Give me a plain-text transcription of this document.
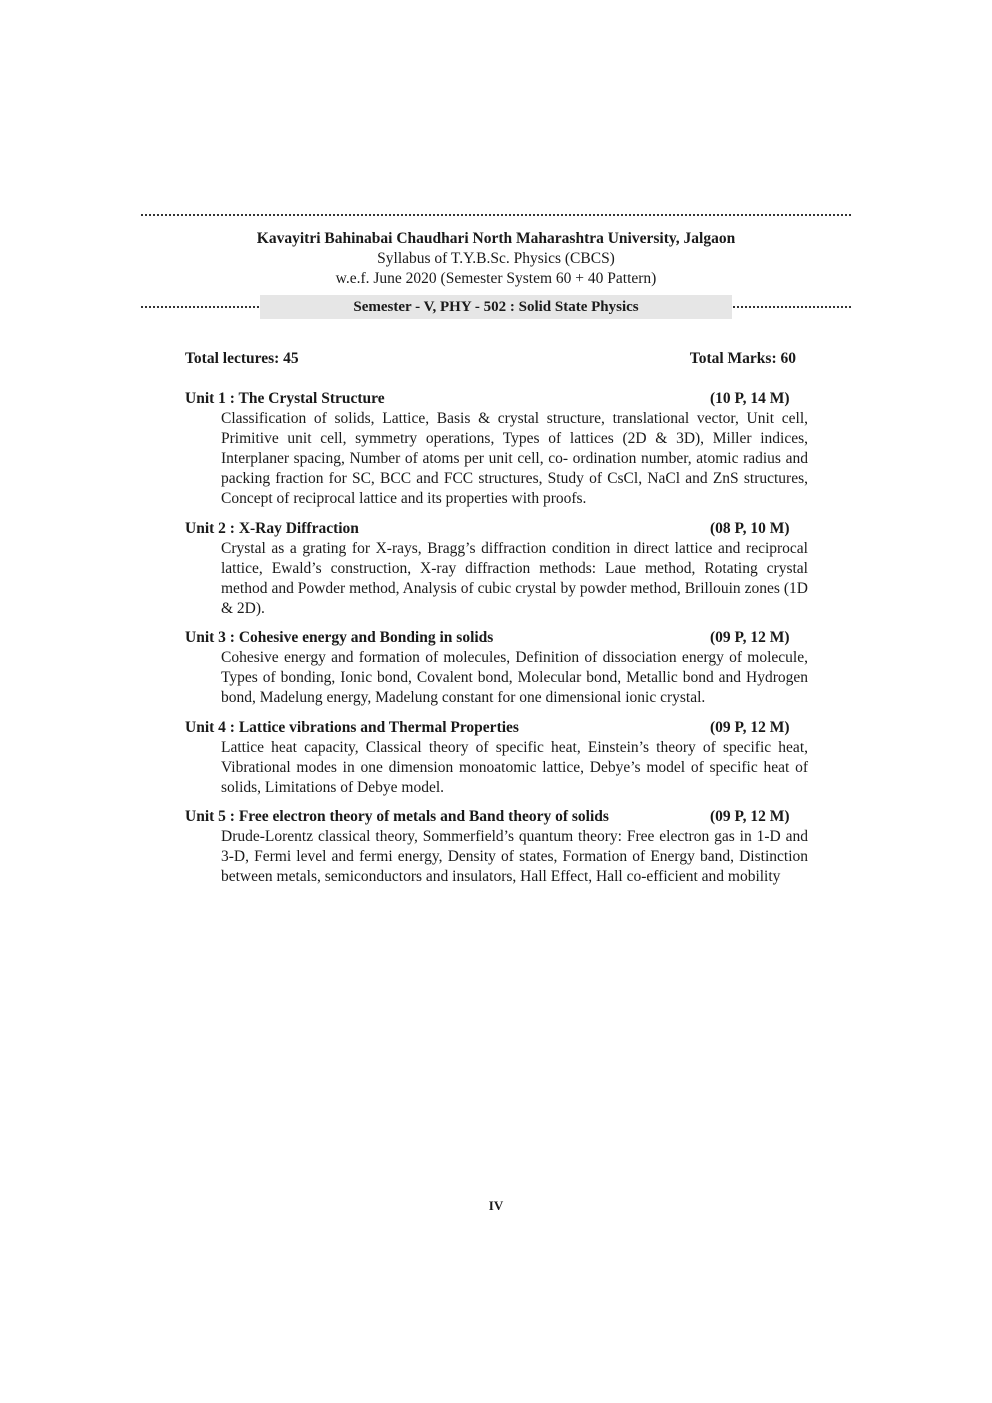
Kavayitri Bahinabai Chaudhari North Maharashtra University, Jalgaon
Syllabus of T.Y.B.Sc. Physics (CBCS)
w.e.f. June 2020 (Semester System 60 + 40 Pattern)
Semester - V, PHY - 502 : Solid State Physics
Total lectures: 45	Total Marks: 60
Unit 1 : The Crystal Structure	(10 P, 14 M)
Classification of solids, Lattice, Basis & crystal structure, translational vector, Unit cell, Primitive unit cell, symmetry operations, Types of lattices (2D & 3D), Miller indices, Interplaner spacing, Number of atoms per unit cell, co- ordination number, atomic radius and packing fraction for SC, BCC and FCC structures, Study of CsCl, NaCl and ZnS structures, Concept of reciprocal lattice and its properties with proofs.
Unit 2 : X-Ray Diffraction	(08 P, 10 M)
Crystal as a grating for X-rays, Bragg’s diffraction condition in direct lattice and reciprocal lattice, Ewald’s construction, X-ray diffraction methods: Laue method, Rotating crystal method and Powder method, Analysis of cubic crystal by powder method, Brillouin zones (1D & 2D).
Unit 3 : Cohesive energy and Bonding in solids	(09 P, 12 M)
Cohesive energy and formation of molecules, Definition of dissociation energy of molecule, Types of bonding, Ionic bond, Covalent bond, Molecular bond, Metallic bond and Hydrogen bond, Madelung energy, Madelung constant for one dimensional ionic crystal.
Unit 4 : Lattice vibrations and Thermal Properties	(09 P, 12 M)
Lattice heat capacity, Classical theory of specific heat, Einstein’s theory of specific heat, Vibrational modes in one dimension monoatomic lattice, Debye’s model of specific heat of solids, Limitations of Debye model.
Unit 5 : Free electron theory of metals and Band theory of solids	(09 P, 12 M)
Drude-Lorentz classical theory, Sommerfield’s quantum theory: Free electron gas in 1-D and 3-D, Fermi level and fermi energy, Density of states, Formation of Energy band, Distinction between metals, semiconductors and insulators, Hall Effect, Hall co-efficient and mobility
IV
